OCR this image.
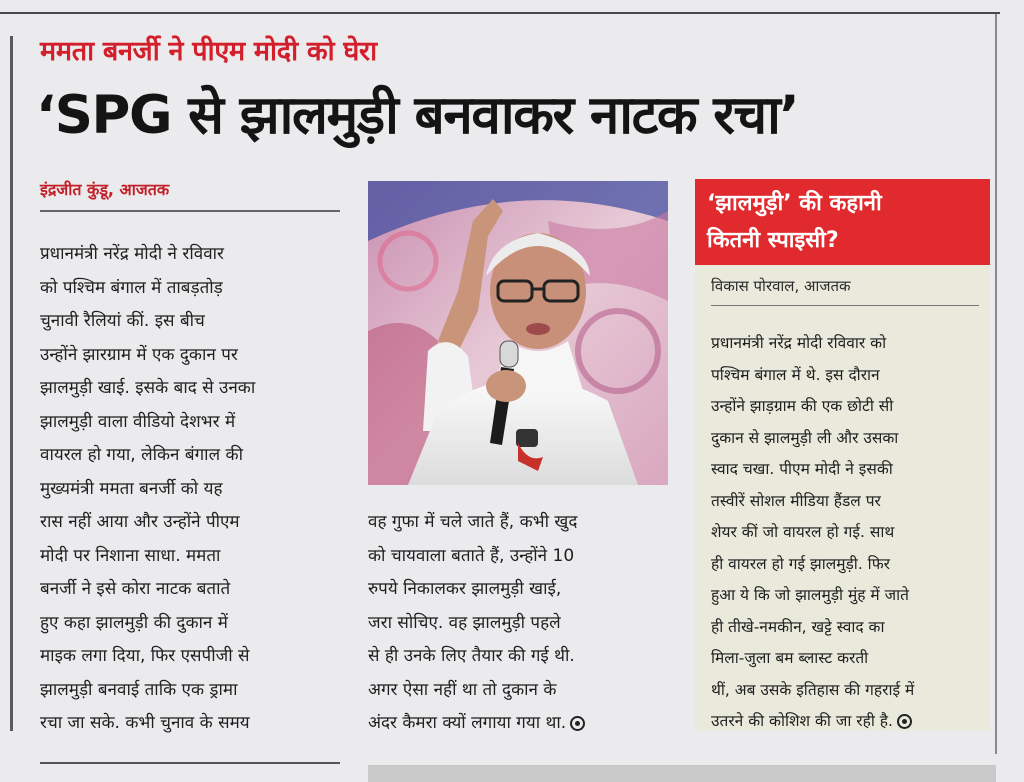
ममता बनर्जी ने पीएम मोदी को घेरा
‘SPG से झालमुड़ी बनवाकर नाटक रचा’
इंद्रजीत कुंडू, आजतक
प्रधानमंत्री नरेंद्र मोदी ने रविवार
को पश्चिम बंगाल में ताबड़तोड़
चुनावी रैलियां कीं. इस बीच
उन्होंने झारग्राम में एक दुकान पर
झालमुड़ी खाई. इसके बाद से उनका
झालमुड़ी वाला वीडियो देशभर में
वायरल हो गया, लेकिन बंगाल की
मुख्यमंत्री ममता बनर्जी को यह
रास नहीं आया और उन्होंने पीएम
मोदी पर निशाना साधा. ममता
बनर्जी ने इसे कोरा नाटक बताते
हुए कहा झालमुड़ी की दुकान में
माइक लगा दिया, फिर एसपीजी से
झालमुड़ी बनवाई ताकि एक ड्रामा
रचा जा सके. कभी चुनाव के समय
वह गुफा में चले जाते हैं, कभी खुद
को चायवाला बताते हैं, उन्होंने 10
रुपये निकालकर झालमुड़ी खाई,
जरा सोचिए. वह झालमुड़ी पहले
से ही उनके लिए तैयार की गई थी.
अगर ऐसा नहीं था तो दुकान के
अंदर कैमरा क्यों लगाया गया था.
‘झालमुड़ी’ की कहानी
कितनी स्पाइसी?
विकास पोरवाल, आजतक
प्रधानमंत्री नरेंद्र मोदी रविवार को
पश्चिम बंगाल में थे. इस दौरान
उन्होंने झाड़ग्राम की एक छोटी सी
दुकान से झालमुड़ी ली और उसका
स्वाद चखा. पीएम मोदी ने इसकी
तस्वीरें सोशल मीडिया हैंडल पर
शेयर कीं जो वायरल हो गई. साथ
ही वायरल हो गई झालमुड़ी. फिर
हुआ ये कि जो झालमुड़ी मुंह में जाते
ही तीखे-नमकीन, खट्टे स्वाद का
मिला-जुला बम ब्लास्ट करती
थीं, अब उसके इतिहास की गहराई में
उतरने की कोशिश की जा रही है.
